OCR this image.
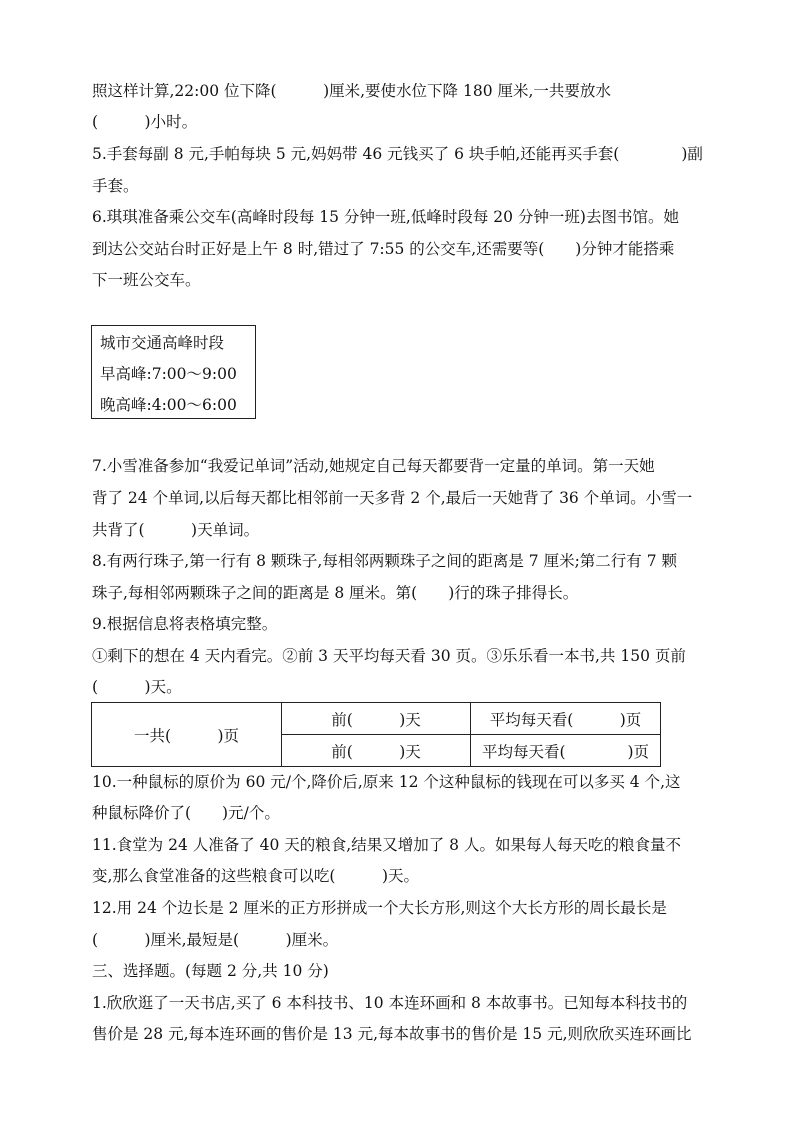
照这样计算,22:00 位下降(　　　)厘米,要使水位下降 180 厘米,一共要放水
(　　　)小时。
5.手套每副 8 元,手帕每块 5 元,妈妈带 46 元钱买了 6 块手帕,还能再买手套(　　　　)副
手套。
6.琪琪准备乘公交车(高峰时段每 15 分钟一班,低峰时段每 20 分钟一班)去图书馆。她
到达公交站台时正好是上午 8 时,错过了 7:55 的公交车,还需要等(　　)分钟才能搭乘
下一班公交车。
城市交通高峰时段
早高峰:7:00～9:00
晚高峰:4:00～6:00
7.小雪准备参加“我爱记单词”活动,她规定自己每天都要背一定量的单词。第一天她
背了 24 个单词,以后每天都比相邻前一天多背 2 个,最后一天她背了 36 个单词。小雪一
共背了(　　　)天单词。
8.有两行珠子,第一行有 8 颗珠子,每相邻两颗珠子之间的距离是 7 厘米;第二行有 7 颗
珠子,每相邻两颗珠子之间的距离是 8 厘米。第(　　)行的珠子排得长。
9.根据信息将表格填完整。
①剩下的想在 4 天内看完。②前 3 天平均每天看 30 页。③乐乐看一本书,共 150 页前
(　　　)天。
一共(　　　)页	前(　　　)天	平均每天看(　　　)页
	前(　　　)天	平均每天看(　　　　)页
10.一种鼠标的原价为 60 元/个,降价后,原来 12 个这种鼠标的钱现在可以多买 4 个,这
种鼠标降价了(　　)元/个。
11.食堂为 24 人准备了 40 天的粮食,结果又增加了 8 人。如果每人每天吃的粮食量不
变,那么食堂准备的这些粮食可以吃(　　　)天。
12.用 24 个边长是 2 厘米的正方形拼成一个大长方形,则这个大长方形的周长最长是
(　　　)厘米,最短是(　　　)厘米。
三、选择题。(每题 2 分,共 10 分)
1.欣欣逛了一天书店,买了 6 本科技书、10 本连环画和 8 本故事书。已知每本科技书的
售价是 28 元,每本连环画的售价是 13 元,每本故事书的售价是 15 元,则欣欣买连环画比
